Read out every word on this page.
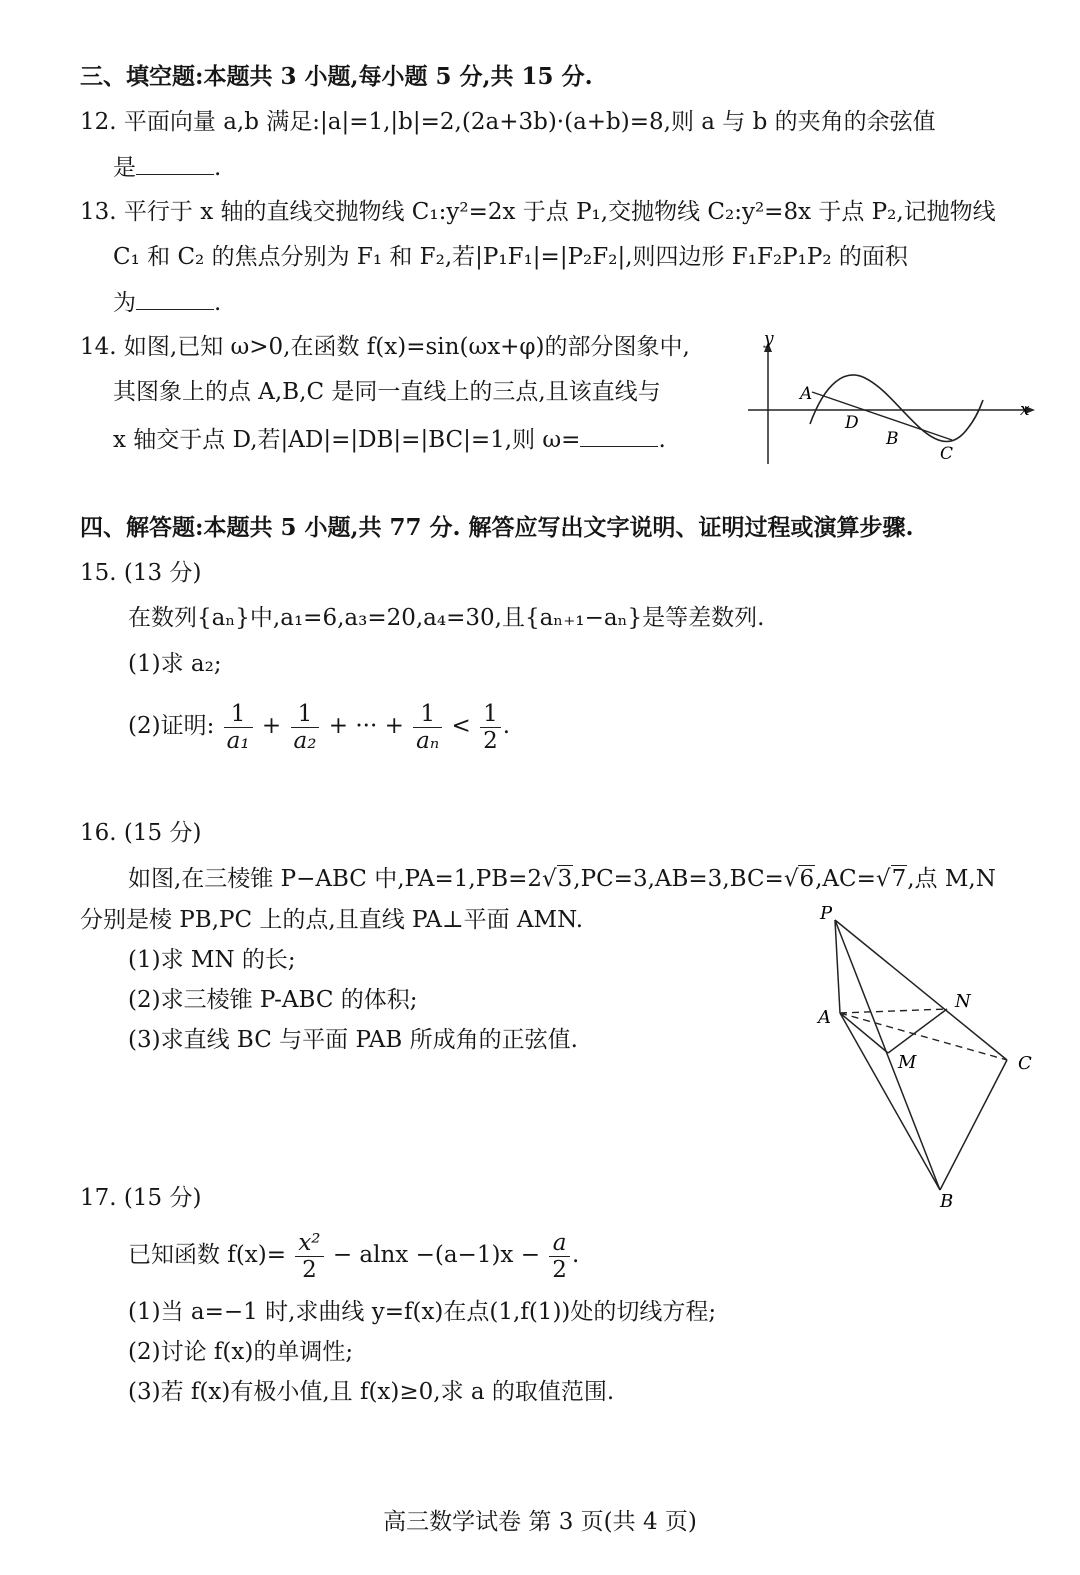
三、填空题:本题共 3 小题,每小题 5 分,共 15 分.
12. 平面向量 a,b 满足:|a|=1,|b|=2,(2a+3b)·(a+b)=8,则 a 与 b 的夹角的余弦值
是	.
13. 平行于 x 轴的直线交抛物线 C₁:y²=2x 于点 P₁,交抛物线 C₂:y²=8x 于点 P₂,记抛物线
C₁ 和 C₂ 的焦点分别为 F₁ 和 F₂,若|P₁F₁|=|P₂F₂|,则四边形 F₁F₂P₁P₂ 的面积
为	.
14. 如图,已知 ω>0,在函数 f(x)=sin(ωx+φ)的部分图象中,
其图象上的点 A,B,C 是同一直线上的三点,且该直线与
x 轴交于点 D,若|AD|=|DB|=|BC|=1,则 ω=	.
x
y
A
D
B
C
四、解答题:本题共 5 小题,共 77 分. 解答应写出文字说明、证明过程或演算步骤.
15. (13 分)
在数列{aₙ}中,a₁=6,a₃=20,a₄=30,且{aₙ₊₁−aₙ}是等差数列.
(1)求 a₂;
(2)证明: $\frac{1}{\text{a₁}} + \frac{1}{\text{a₂}}$ + ··· + $\frac{1}{\text{aₙ}} < \frac{1}{2}$ .
16. (15 分)
如图,在三棱锥 P−ABC 中,PA=1,PB=2√3,PC=3,AB=3,BC=√6,AC=√7,点 M,N
分别是棱 PB,PC 上的点,且直线 PA⊥平面 AMN.
(1)求 MN 的长;
(2)求三棱锥 P-ABC 的体积;
(3)求直线 BC 与平面 PAB 所成角的正弦值.
P
A
N
M	C
B
17. (15 分)
已知函数 $f(x)= \frac{\text{x²}}{2} - alnx -(a-1)x - \frac{a}{2}$ .
(1)当 a=−1 时,求曲线 y=f(x)在点(1,f(1))处的切线方程;
(2)讨论 f(x)的单调性;
(3)若 f(x)有极小值,且 f(x)≥0,求 a 的取值范围.
高三数学试卷 第 3 页(共 4 页)
